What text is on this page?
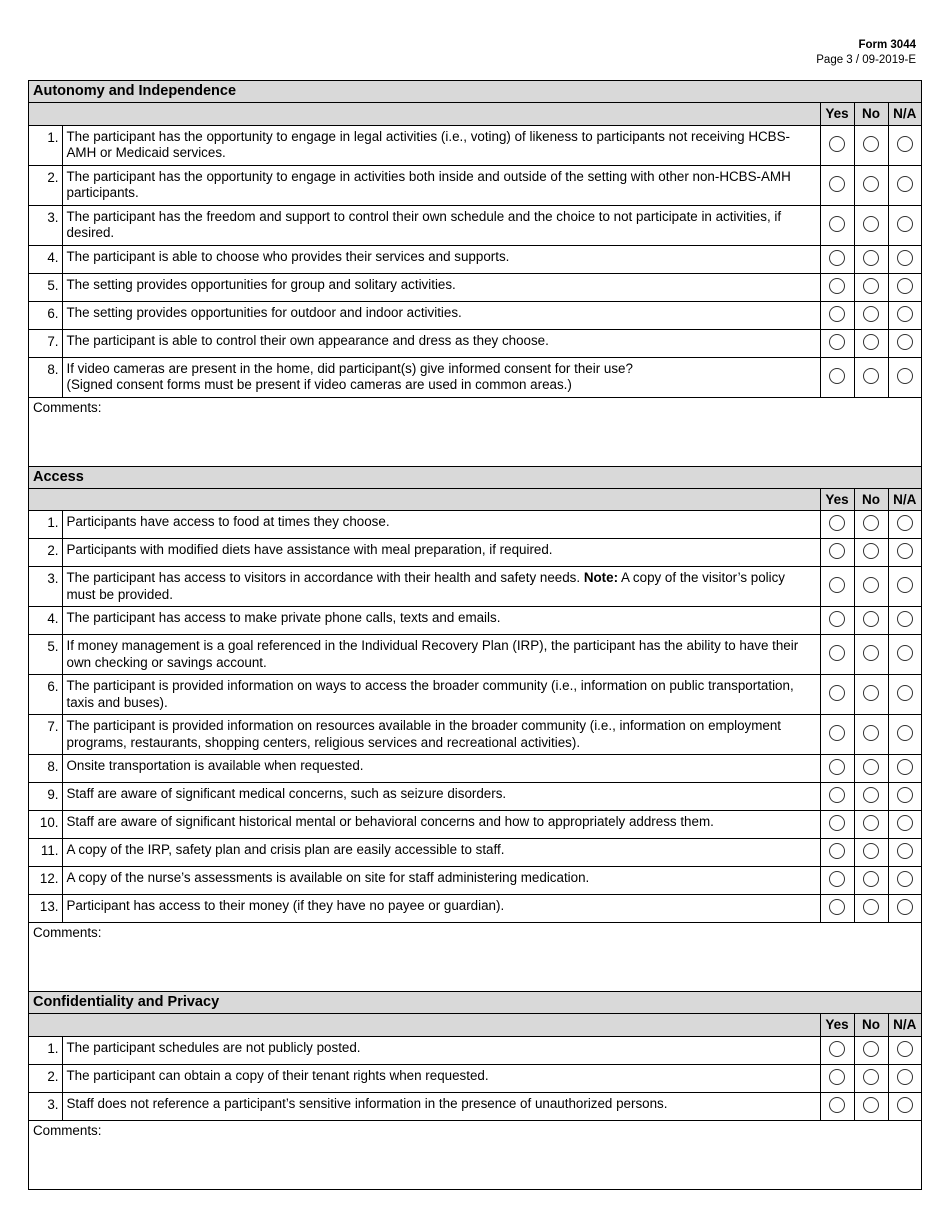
Form 3044
Page 3 / 09-2019-E
Autonomy and Independence
		Yes	No	N/A
1.	The participant has the opportunity to engage in legal activities (i.e., voting) of likeness to participants not receiving HCBS-AMH or Medicaid services.			
2.	The participant has the opportunity to engage in activities both inside and outside of the setting with other non-HCBS-AMH participants.			
3.	The participant has the freedom and support to control their own schedule and the choice to not participate in activities, if desired.			
4.	The participant is able to choose who provides their services and supports.			
5.	The setting provides opportunities for group and solitary activities.			
6.	The setting provides opportunities for outdoor and indoor activities.			
7.	The participant is able to control their own appearance and dress as they choose.			
8.	If video cameras are present in the home, did participant(s) give informed consent for their use?
(Signed consent forms must be present if video cameras are used in common areas.)			
Comments:
Access
		Yes	No	N/A
1.	Participants have access to food at times they choose.			
2.	Participants with modified diets have assistance with meal preparation, if required.			
3.	The participant has access to visitors in accordance with their health and safety needs. Note: A copy of the visitor’s policy must be provided.			
4.	The participant has access to make private phone calls, texts and emails.			
5.	If money management is a goal referenced in the Individual Recovery Plan (IRP), the participant has the ability to have their own checking or savings account.			
6.	The participant is provided information on ways to access the broader community (i.e., information on public transportation, taxis and buses).			
7.	The participant is provided information on resources available in the broader community (i.e., information on employment programs, restaurants, shopping centers, religious services and recreational activities).			
8.	Onsite transportation is available when requested.			
9.	Staff are aware of significant medical concerns, such as seizure disorders.			
10.	Staff are aware of significant historical mental or behavioral concerns and how to appropriately address them.			
11.	A copy of the IRP, safety plan and crisis plan are easily accessible to staff.			
12.	A copy of the nurse’s assessments is available on site for staff administering medication.			
13.	Participant has access to their money (if they have no payee or guardian).			
Comments:
Confidentiality and Privacy
		Yes	No	N/A
1.	The participant schedules are not publicly posted.			
2.	The participant can obtain a copy of their tenant rights when requested.			
3.	Staff does not reference a participant’s sensitive information in the presence of unauthorized persons.			
Comments:
